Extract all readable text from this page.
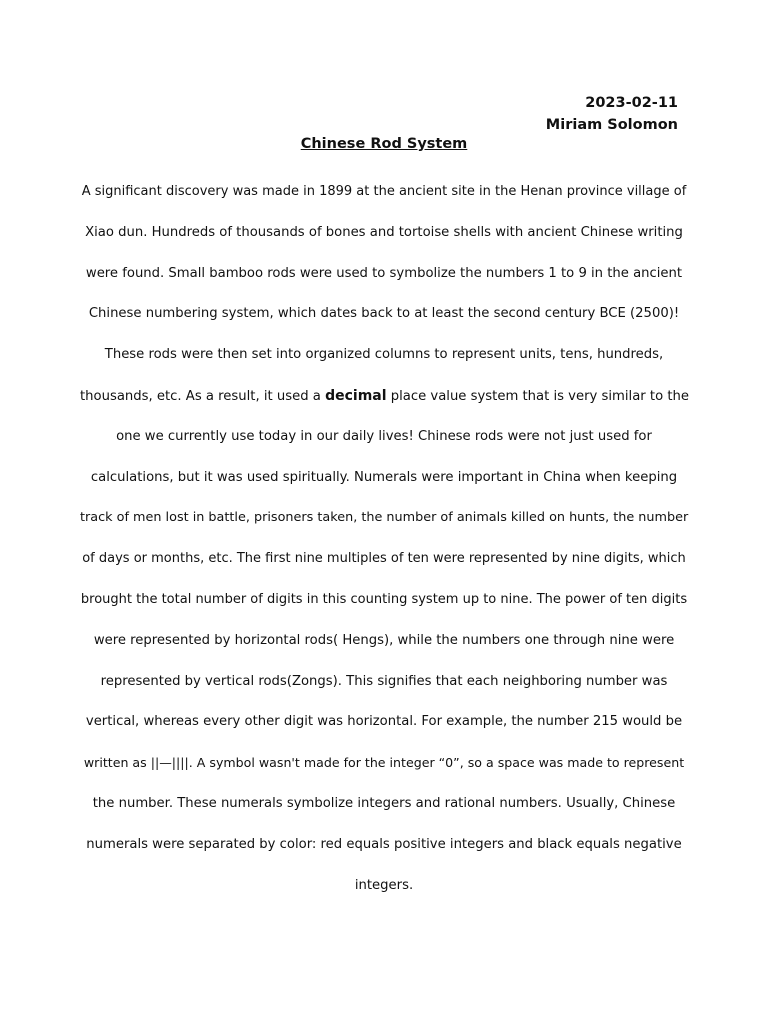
2023-02-11
Miriam Solomon
Chinese Rod System
A significant discovery was made in 1899 at the ancient site in the Henan province village of
Xiao dun. Hundreds of thousands of bones and tortoise shells with ancient Chinese writing
were found. Small bamboo rods were used to symbolize the numbers 1 to 9 in the ancient
Chinese numbering system, which dates back to at least the second century BCE (2500)!
These rods were then set into organized columns to represent units, tens, hundreds,
thousands, etc. As a result, it used a decimal place value system that is very similar to the
one we currently use today in our daily lives! Chinese rods were not just used for
calculations, but it was used spiritually. Numerals were important in China when keeping
track of men lost in battle, prisoners taken, the number of animals killed on hunts, the number
of days or months, etc. The first nine multiples of ten were represented by nine digits, which
brought the total number of digits in this counting system up to nine. The power of ten digits
were represented by horizontal rods( Hengs), while the numbers one through nine were
represented by vertical rods(Zongs). This signifies that each neighboring number was
vertical, whereas every other digit was horizontal. For example, the number 215 would be
written as ||—||||. A symbol wasn't made for the integer “0”, so a space was made to represent
the number. These numerals symbolize integers and rational numbers. Usually, Chinese
numerals were separated by color: red equals positive integers and black equals negative
integers.
